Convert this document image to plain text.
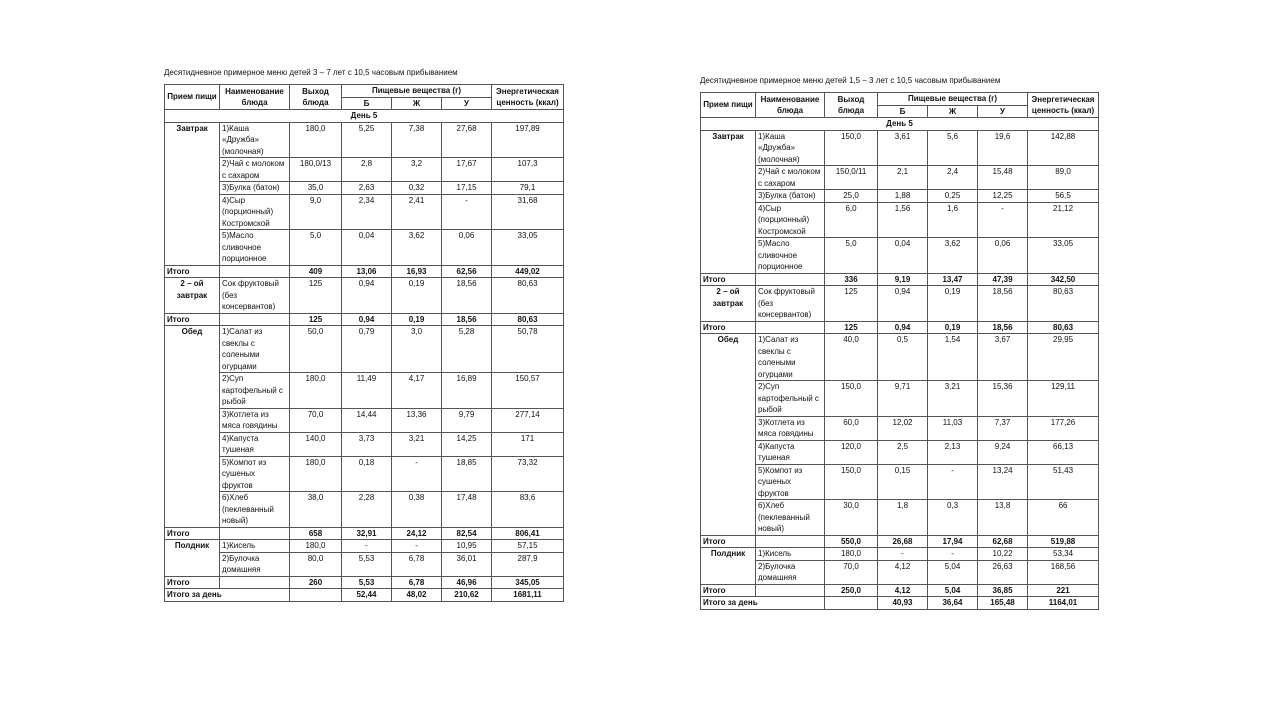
Десятидневное примерное меню детей 3 – 7 лет с 10,5 часовым прибыванием
Прием пищи	Наименование блюда	Выход блюда	Пищевые вещества (г)			Энергетическая ценность (ккал)
			Б	Ж	У	
День 5						
Завтрак	1)Каша «Дружба» (молочная)	180,0	5,25	7,38	27,68	197,89
	2)Чай с молоком с сахаром	180,0/13	2,8	3,2	17,67	107,3
	3)Булка (батон)	35,0	2,63	0,32	17,15	79,1
	4)Сыр (порционный) Костромской	9,0	2,34	2,41	-	31,68
	5)Масло сливочное порционное	5,0	0,04	3,62	0,06	33,05
Итого		409	13,06	16,93	62,56	449,02
2 – ой завтрак	Сок фруктовый (без консервантов)	125	0,94	0,19	18,56	80,63
Итого		125	0,94	0,19	18,56	80,63
Обед	1)Салат из свеклы с солеными огурцами	50,0	0,79	3,0	5,28	50,78
	2)Суп картофельный с рыбой	180,0	11,49	4,17	16,89	150,57
	3)Котлета из мяса говядины	70,0	14,44	13,36	9,79	277,14
	4)Капуста тушеная	140,0	3,73	3,21	14,25	171
	5)Компот из сушеных фруктов	180,0	0,18	-	18,85	73,32
	6)Хлеб (пеклеванный новый)	38,0	2,28	0,38	17,48	83,6
Итого		658	32,91	24,12	82,54	806,41
Полдник	1)Кисель	180,0	-	-	10,95	57,15
	2)Булочка домашняя	80,0	5,53	6,78	36,01	287,9
Итого		260	5,53	6,78	46,96	345,05
Итого за день			52,44	48,02	210,62	1681,11
Десятидневное примерное меню детей 1,5 – 3 лет с 10,5 часовым прибыванием
Прием пищи	Наименование блюда	Выход блюда	Пищевые вещества (г)			Энергетическая ценность (ккал)
			Б	Ж	У	
День 5						
Завтрак	1)Каша «Дружба» (молочная)	150,0	3,61	5,6	19,6	142,88
	2)Чай с молоком с сахаром	150,0/11	2,1	2,4	15,48	89,0
	3)Булка (батон)	25,0	1,88	0,25	12,25	56,5
	4)Сыр (порционный) Костромской	6,0	1,56	1,6	-	21,12
	5)Масло сливочное порционное	5,0	0,04	3,62	0,06	33,05
Итого		336	9,19	13,47	47,39	342,50
2 – ой завтрак	Сок фруктовый (без консервантов)	125	0,94	0,19	18,56	80,63
Итого		125	0,94	0,19	18,56	80,63
Обед	1)Салат из свеклы с солеными огурцами	40,0	0,5	1,54	3,67	29,95
	2)Суп картофельный с рыбой	150,0	9,71	3,21	15,36	129,11
	3)Котлета из мяса говядины	60,0	12,02	11,03	7,37	177,26
	4)Капуста тушеная	120,0	2,5	2,13	9,24	66,13
	5)Компот из сушеных фруктов	150,0	0,15	-	13,24	51,43
	6)Хлеб (пеклеванный новый)	30,0	1,8	0,3	13,8	66
Итого		550,0	26,68	17,94	62,68	519,88
Полдник	1)Кисель	180,0	-	-	10,22	53,34
	2)Булочка домашняя	70,0	4,12	5,04	26,63	168,56
Итого		250,0	4,12	5,04	36,85	221
Итого за день			40,93	36,64	165,48	1164,01
